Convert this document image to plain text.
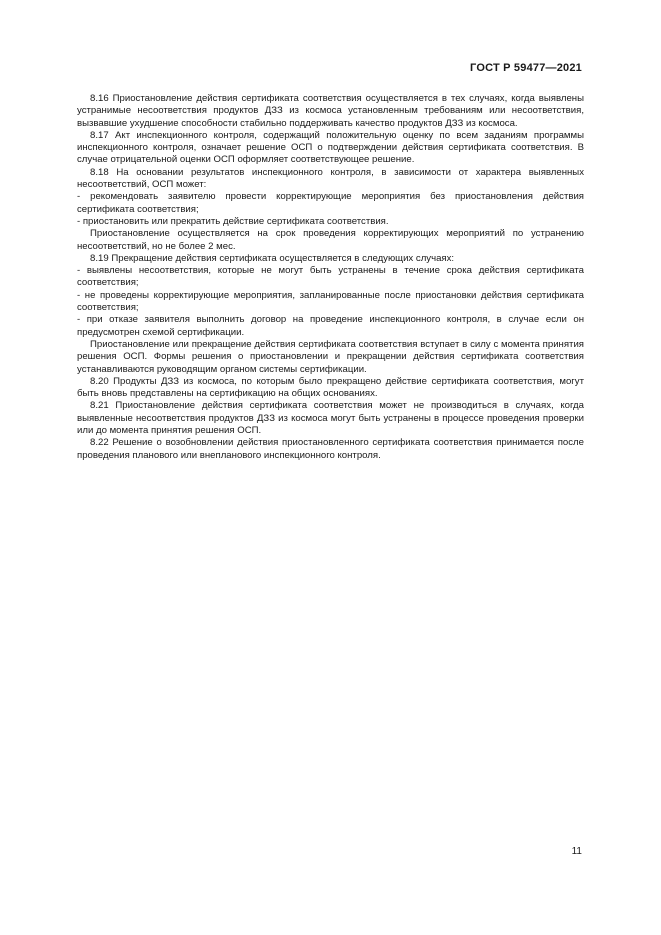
ГОСТ Р 59477—2021

8.16 Приостановление действия сертификата соответствия осуществляется в тех случаях, когда выявлены устранимые несоответствия продуктов ДЗЗ из космоса установленным требованиям или несоответствия, вызвавшие ухудшение способности стабильно поддерживать качество продуктов ДЗЗ из космоса.

8.17 Акт инспекционного контроля, содержащий положительную оценку по всем заданиям программы инспекционного контроля, означает решение ОСП о подтверждении действия сертификата соответствия. В случае отрицательной оценки ОСП оформляет соответствующее решение.

8.18 На основании результатов инспекционного контроля, в зависимости от характера выявленных несоответствий, ОСП может:

- рекомендовать заявителю провести корректирующие мероприятия без приостановления действия сертификата соответствия;

- приостановить или прекратить действие сертификата соответствия.

Приостановление осуществляется на срок проведения корректирующих мероприятий по устранению несоответствий, но не более 2 мес.

8.19 Прекращение действия сертификата осуществляется в следующих случаях:

- выявлены несоответствия, которые не могут быть устранены в течение срока действия сертификата соответствия;

- не проведены корректирующие мероприятия, запланированные после приостановки действия сертификата соответствия;

- при отказе заявителя выполнить договор на проведение инспекционного контроля, в случае если он предусмотрен схемой сертификации.

Приостановление или прекращение действия сертификата соответствия вступает в силу с момента принятия решения ОСП. Формы решения о приостановлении и прекращении действия сертификата соответствия устанавливаются руководящим органом системы сертификации.

8.20 Продукты ДЗЗ из космоса, по которым было прекращено действие сертификата соответствия, могут быть вновь представлены на сертификацию на общих основаниях.

8.21 Приостановление действия сертификата соответствия может не производиться в случаях, когда выявленные несоответствия продуктов ДЗЗ из космоса могут быть устранены в процессе проведения проверки или до момента принятия решения ОСП.

8.22 Решение о возобновлении действия приостановленного сертификата соответствия принимается после проведения планового или внепланового инспекционного контроля.

11
